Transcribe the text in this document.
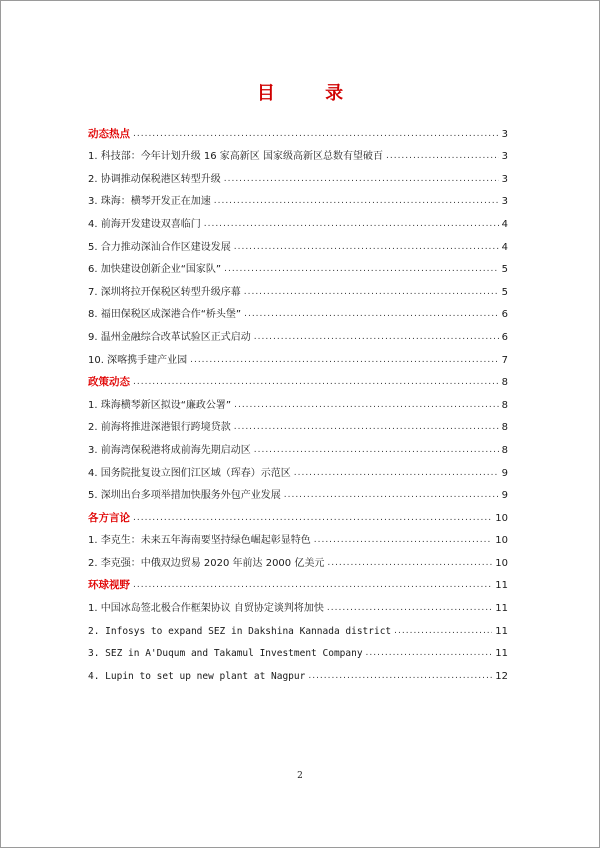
目 录
动态热点 .....	3
1. 科技部：今年计划升级 16 家高新区 国家级高新区总数有望破百 .....	3
2. 协调推动保税港区转型升级 .....	3
3. 珠海：横琴开发正在加速 .....	3
4. 前海开发建设双喜临门 .....	4
5. 合力推动深汕合作区建设发展 .....	4
6. 加快建设创新企业“国家队” .....	5
7. 深圳将拉开保税区转型升级序幕 .....	5
8. 福田保税区成深港合作“桥头堡” .....	6
9. 温州金融综合改革试验区正式启动 .....	6
10. 深喀携手建产业园 .....	7
政策动态 .....	8
1. 珠海横琴新区拟设“廉政公署” .....	8
2. 前海将推进深港银行跨境贷款 .....	8
3. 前海湾保税港将成前海先期启动区 .....	8
4. 国务院批复设立图们江区域（珲春）示范区 .....	9
5. 深圳出台多项举措加快服务外包产业发展 .....	9
各方言论 .....	10
1. 李克生：未来五年海南要坚持绿色崛起彰显特色 .....	10
2. 李克强：中俄双边贸易 2020 年前达 2000 亿美元 .....	10
环球视野 .....	11
1. 中国冰岛签北极合作框架协议 自贸协定谈判将加快 .....	11
2. Infosys to expand SEZ in Dakshina Kannada district .....	11
3. SEZ in A'Duqum and Takamul Investment Company .....	11
4. Lupin to set up new plant at Nagpur .....	12
2
